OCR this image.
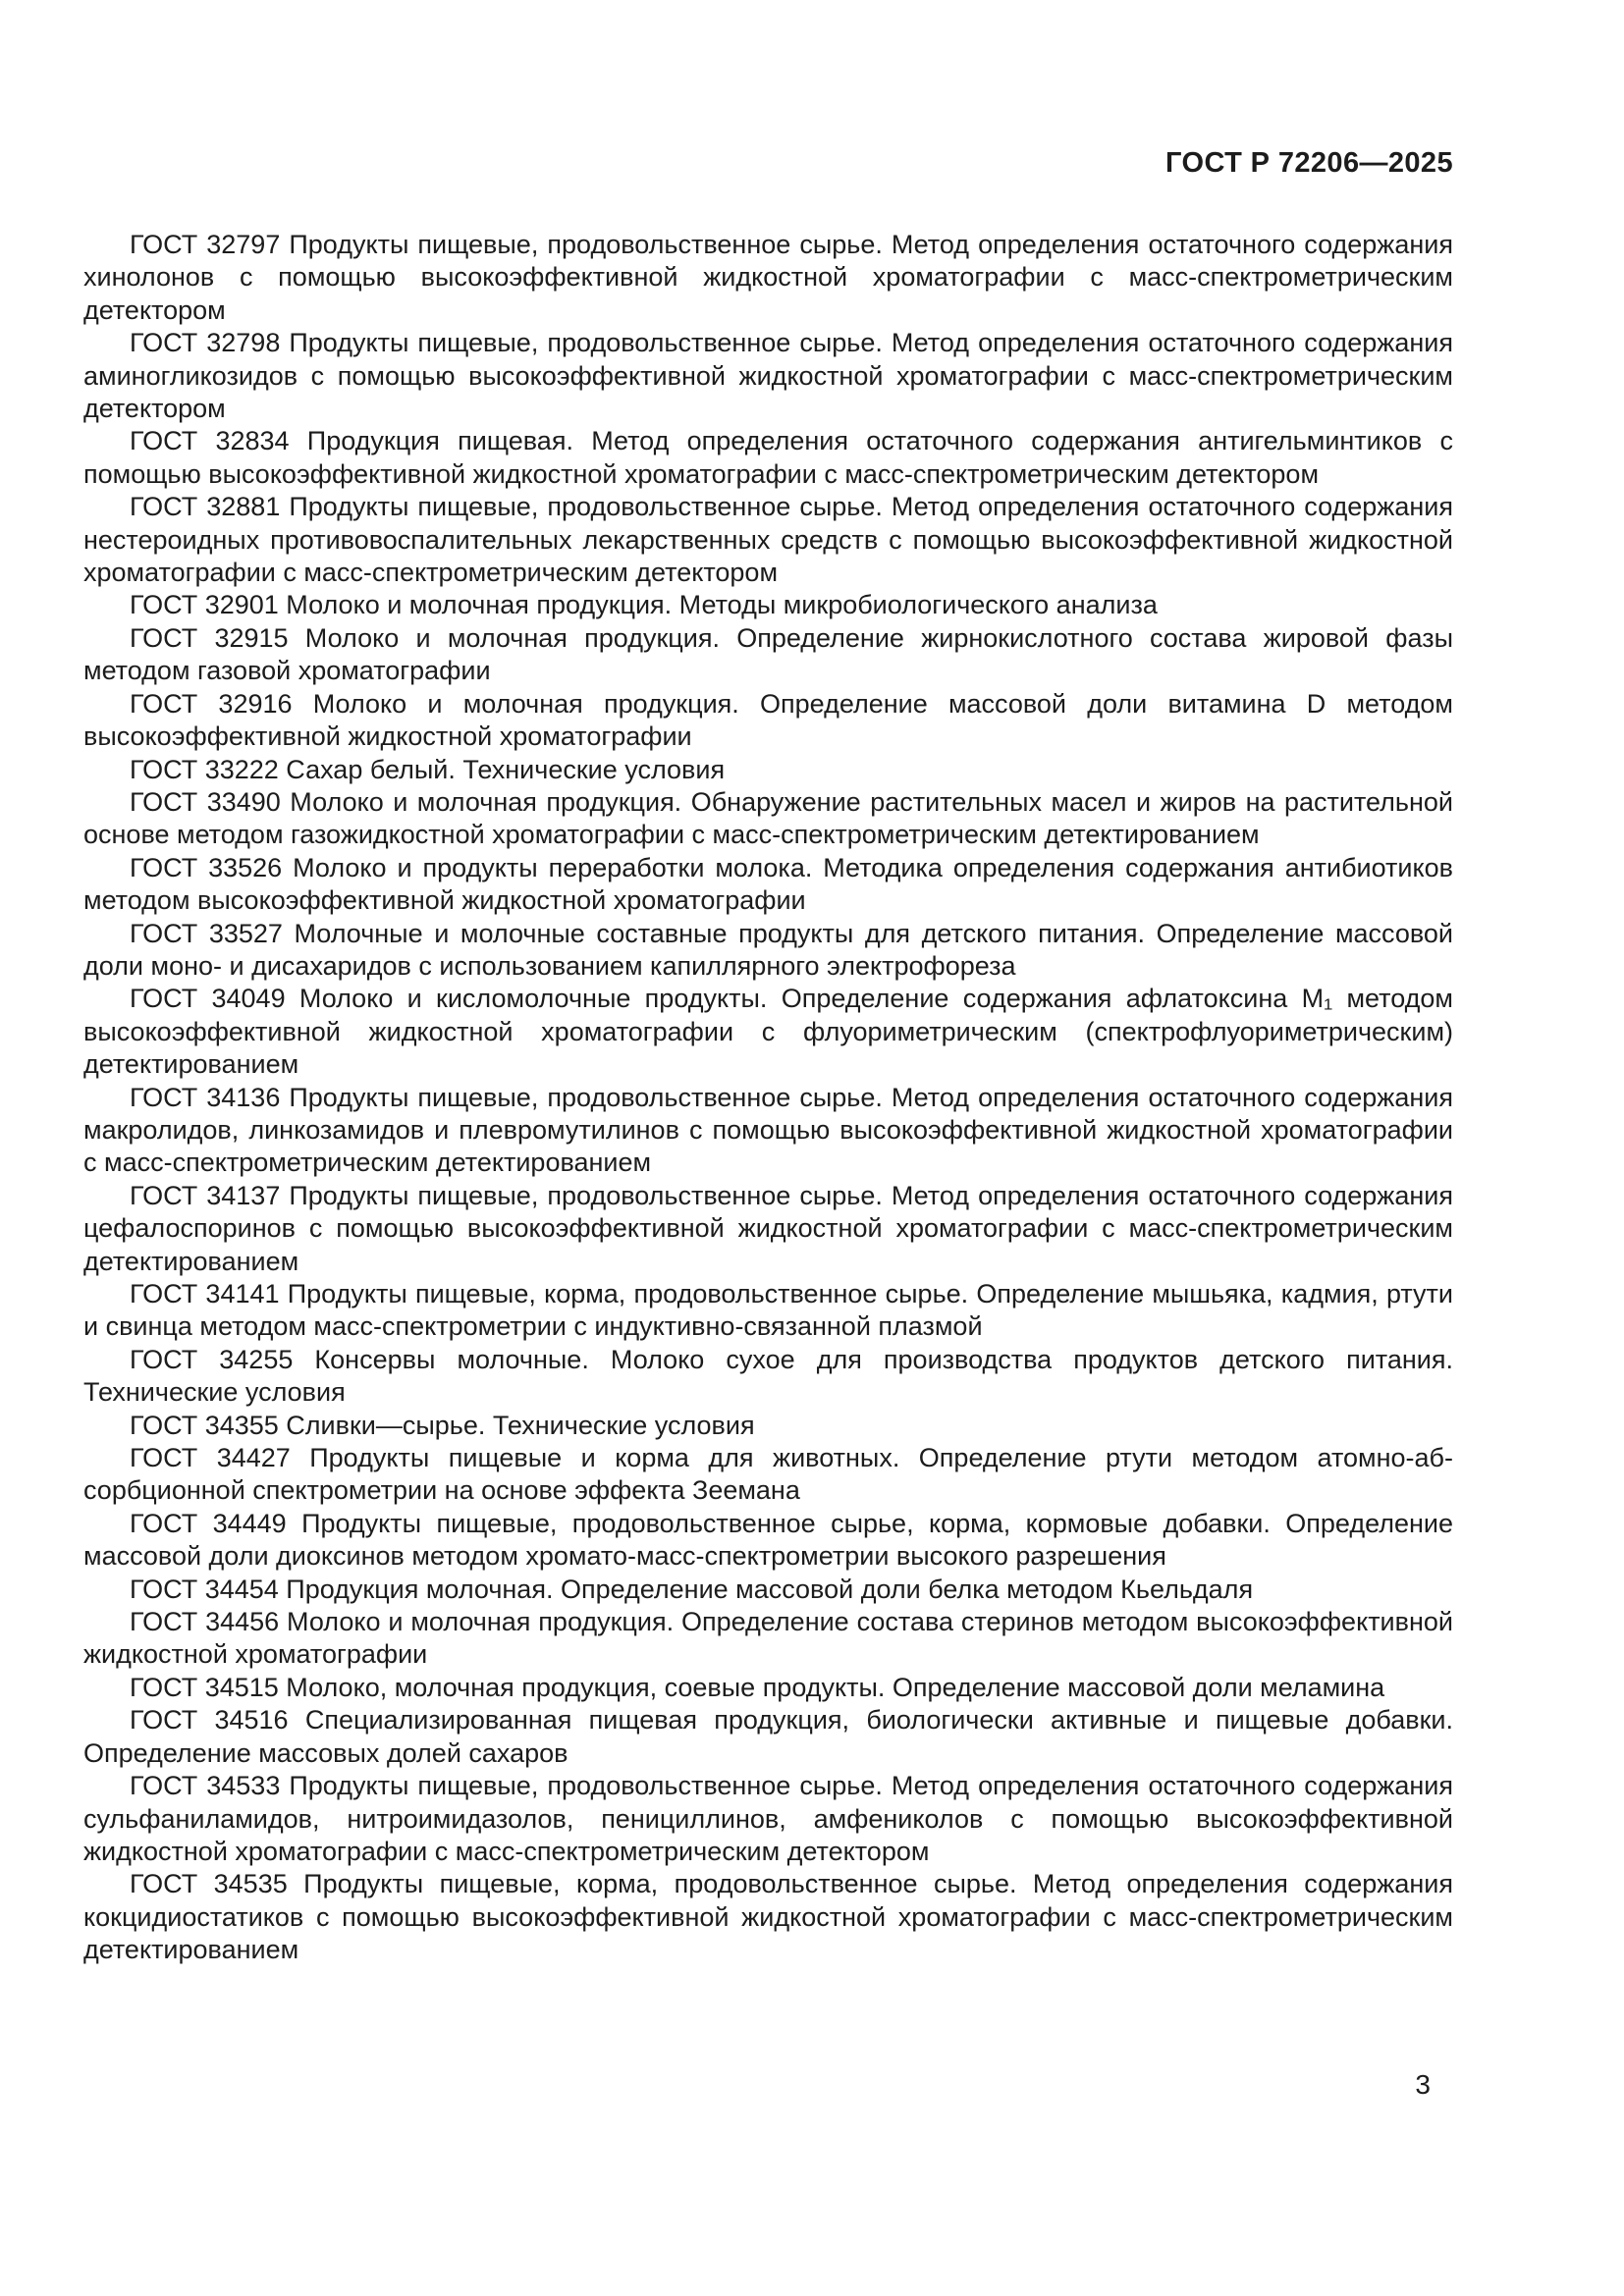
ГОСТ Р 72206—2025

ГОСТ 32797 Продукты пищевые, продовольственное сырье. Метод определения остаточного содержания хинолонов с помощью высокоэффективной жидкостной хроматографии с масс-спектрометрическим детектором

ГОСТ 32798 Продукты пищевые, продовольственное сырье. Метод определения остаточного содержания аминогликозидов с помощью высокоэффективной жидкостной хроматографии с масс-спектрометрическим детектором

ГОСТ 32834 Продукция пищевая. Метод определения остаточного содержания антигельминтиков с помощью высокоэффективной жидкостной хроматографии с масс-спектрометрическим детектором

ГОСТ 32881 Продукты пищевые, продовольственное сырье. Метод определения остаточного содержания нестероидных противовоспалительных лекарственных средств с помощью высокоэффективной жидкостной хроматографии с масс-спектрометрическим детектором

ГОСТ 32901 Молоко и молочная продукция. Методы микробиологического анализа

ГОСТ 32915 Молоко и молочная продукция. Определение жирнокислотного состава жировой фазы методом газовой хроматографии

ГОСТ 32916 Молоко и молочная продукция. Определение массовой доли витамина D методом высокоэффективной жидкостной хроматографии

ГОСТ 33222 Сахар белый. Технические условия

ГОСТ 33490 Молоко и молочная продукция. Обнаружение растительных масел и жиров на растительной основе методом газожидкостной хроматографии с масс-спектрометрическим детектированием

ГОСТ 33526 Молоко и продукты переработки молока. Методика определения содержания антибиотиков методом высокоэффективной жидкостной хроматографии

ГОСТ 33527 Молочные и молочные составные продукты для детского питания. Определение массовой доли моно- и дисахаридов с использованием капиллярного электрофореза

ГОСТ 34049 Молоко и кисломолочные продукты. Определение содержания афлатоксина М₁ методом высокоэффективной жидкостной хроматографии с флуориметрическим (спектрофлуориметрическим) детектированием

ГОСТ 34136 Продукты пищевые, продовольственное сырье. Метод определения остаточного содержания макролидов, линкозамидов и плевромутилинов с помощью высокоэффективной жидкостной хроматографии с масс-спектрометрическим детектированием

ГОСТ 34137 Продукты пищевые, продовольственное сырье. Метод определения остаточного содержания цефалоспоринов с помощью высокоэффективной жидкостной хроматографии с масс-спектрометрическим детектированием

ГОСТ 34141 Продукты пищевые, корма, продовольственное сырье. Определение мышьяка, кадмия, ртути и свинца методом масс-спектрометрии с индуктивно-связанной плазмой

ГОСТ 34255 Консервы молочные. Молоко сухое для производства продуктов детского питания. Технические условия

ГОСТ 34355 Сливки—сырье. Технические условия

ГОСТ 34427 Продукты пищевые и корма для животных. Определение ртути методом атомно-абсорбционной спектрометрии на основе эффекта Зеемана

ГОСТ 34449 Продукты пищевые, продовольственное сырье, корма, кормовые добавки. Определение массовой доли диоксинов методом хромато-масс-спектрометрии высокого разрешения

ГОСТ 34454 Продукция молочная. Определение массовой доли белка методом Кьельдаля

ГОСТ 34456 Молоко и молочная продукция. Определение состава стеринов методом высокоэффективной жидкостной хроматографии

ГОСТ 34515 Молоко, молочная продукция, соевые продукты. Определение массовой доли меламина

ГОСТ 34516 Специализированная пищевая продукция, биологически активные и пищевые добавки. Определение массовых долей сахаров

ГОСТ 34533 Продукты пищевые, продовольственное сырье. Метод определения остаточного содержания сульфаниламидов, нитроимидазолов, пенициллинов, амфениколов с помощью высокоэффективной жидкостной хроматографии с масс-спектрометрическим детектором

ГОСТ 34535 Продукты пищевые, корма, продовольственное сырье. Метод определения содержания кокцидиостатиков с помощью высокоэффективной жидкостной хроматографии с масс-спектрометрическим детектированием

3
